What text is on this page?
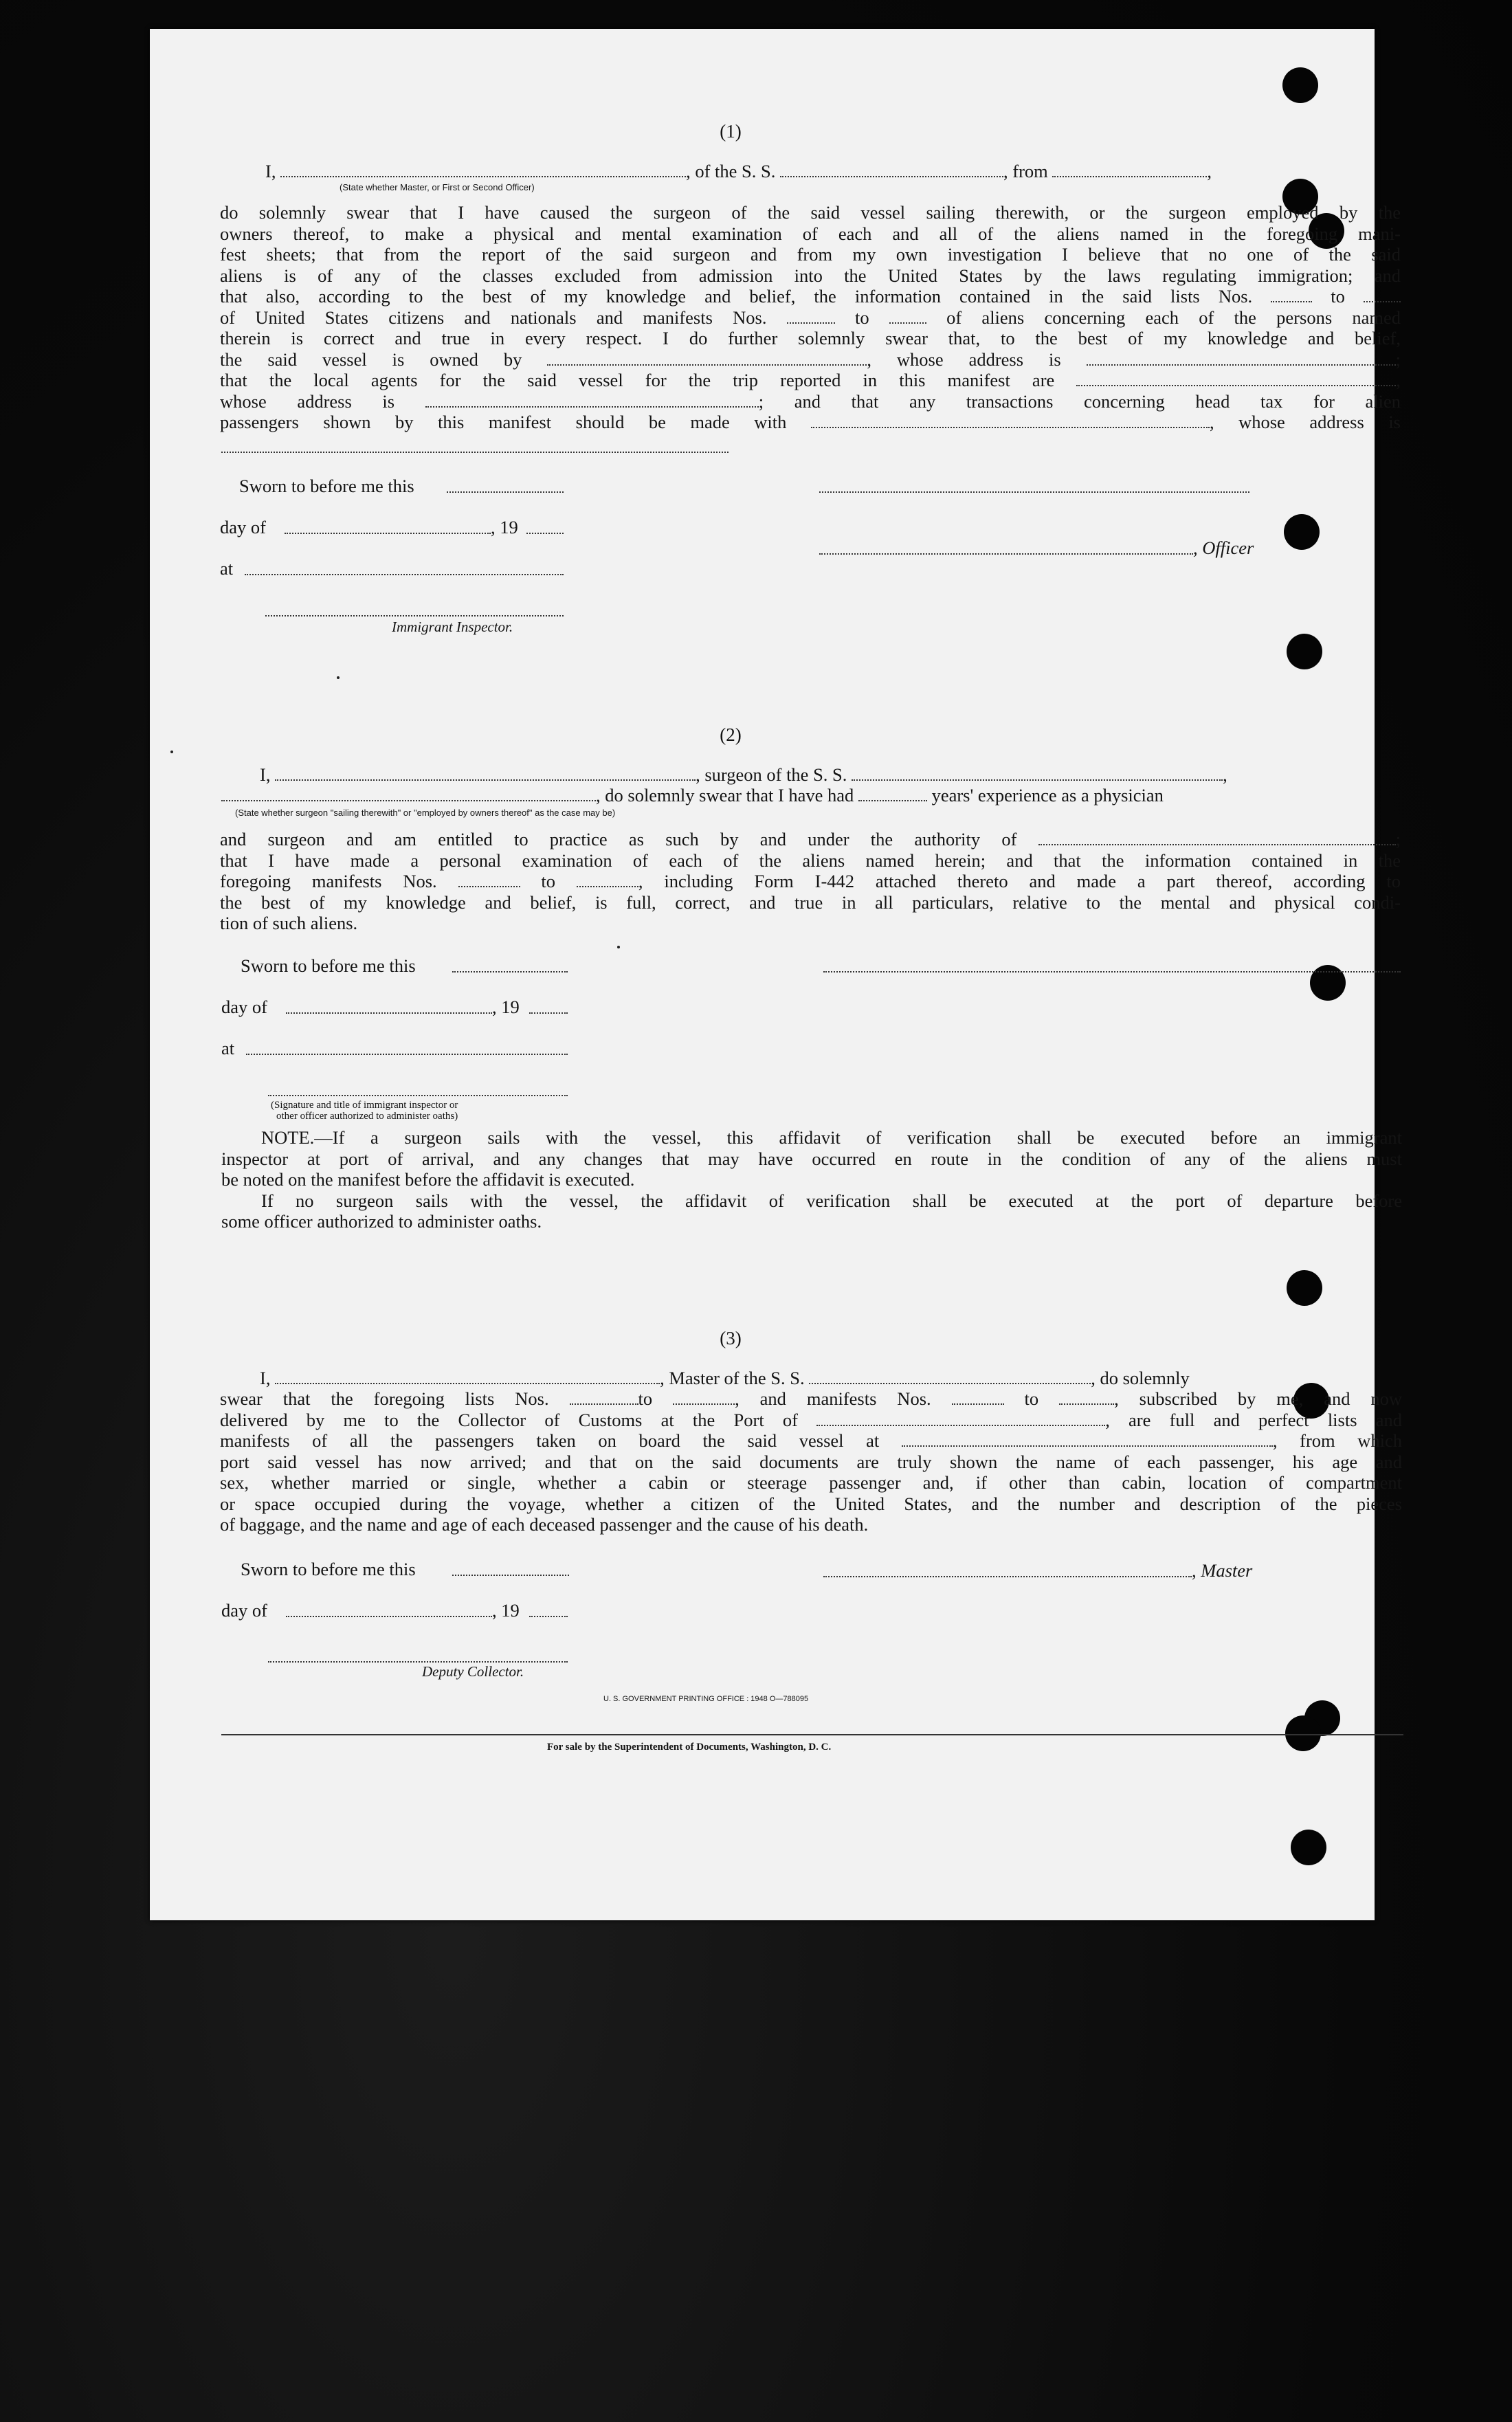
(1)
I,	, of the S. S.	, from	,
(State whether Master, or First or Second Officer)
do solemnly swear that I have caused the surgeon of the said vessel sailing therewith, or the surgeon employed by the
owners thereof, to make a physical and mental examination of each and all of the aliens named in the foregoing mani-
fest sheets; that from the report of the said surgeon and from my own investigation I believe that no one of the said
aliens is of any of the classes excluded from admission into the United States by the laws regulating immigration; and
that also, according to the best of my knowledge and belief, the information contained in the said lists Nos.	to
of United States citizens and nationals and manifests Nos.	to	of aliens concerning each of the persons named
therein is correct and true in every respect. I do further solemnly swear that, to the best of my knowledge and belief,
the said vessel is owned by	, whose address is	;
that the local agents for the said vessel for the trip reported in this manifest are	,
whose address is	; and that any transactions concerning head tax for alien
passengers shown by this manifest should be made with	, whose address is
Sworn to before me this
day of	, 19
, Officer
at
Immigrant Inspector.
(2)
I,	, surgeon of the S. S.	,
, do solemnly swear that I have had	years' experience as a physician
(State whether surgeon "sailing therewith" or "employed by owners thereof" as the case may be)
and surgeon and am entitled to practice as such by and under the authority of	;
that I have made a personal examination of each of the aliens named herein; and that the information contained in the
foregoing manifests Nos.	to	, including Form I-442 attached thereto and made a part thereof, according to
the best of my knowledge and belief, is full, correct, and true in all particulars, relative to the mental and physical condi-
tion of such aliens.
Sworn to before me this
day of	, 19
at
(Signature and title of immigrant inspector or
other officer authorized to administer oaths)
NOTE.—If a surgeon sails with the vessel, this affidavit of verification shall be executed before an immigrant
inspector at port of arrival, and any changes that may have occurred en route in the condition of any of the aliens must
be noted on the manifest before the affidavit is executed.
If no surgeon sails with the vessel, the affidavit of verification shall be executed at the port of departure before
some officer authorized to administer oaths.
(3)
I,	, Master of the S. S.	, do solemnly
swear that the foregoing lists Nos.	to	, and manifests Nos.	to	, subscribed by me, and now
delivered by me to the Collector of Customs at the Port of	, are full and perfect lists and
manifests of all the passengers taken on board the said vessel at	, from which
port said vessel has now arrived; and that on the said documents are truly shown the name of each passenger, his age and
sex, whether married or single, whether a cabin or steerage passenger and, if other than cabin, location of compartment
or space occupied during the voyage, whether a citizen of the United States, and the number and description of the pieces
of baggage, and the name and age of each deceased passenger and the cause of his death.
Sworn to before me this	, Master
day of	, 19
Deputy Collector.
U. S. GOVERNMENT PRINTING OFFICE : 1948 O—788095
For sale by the Superintendent of Documents, Washington, D. C.
